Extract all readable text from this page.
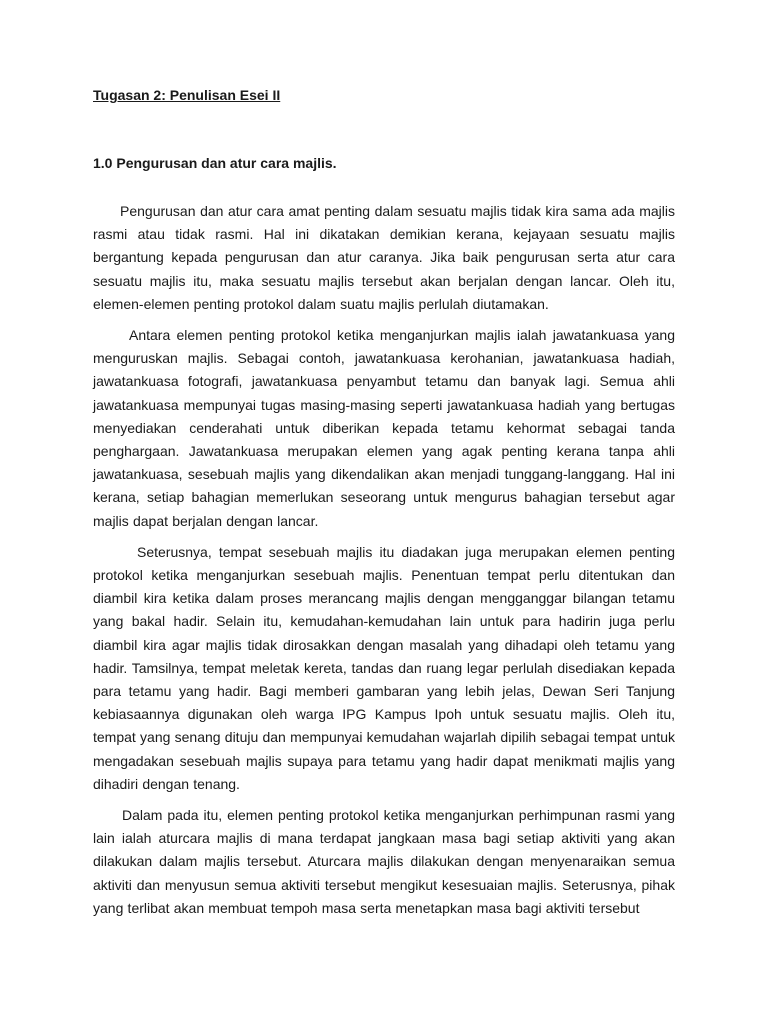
Tugasan 2: Penulisan Esei II

1.0 Pengurusan dan atur cara majlis.

Pengurusan dan atur cara amat penting dalam sesuatu majlis tidak kira sama ada majlis rasmi atau tidak rasmi. Hal ini dikatakan demikian kerana, kejayaan sesuatu majlis bergantung kepada pengurusan dan atur caranya. Jika baik pengurusan serta atur cara sesuatu majlis itu, maka sesuatu majlis tersebut akan berjalan dengan lancar. Oleh itu, elemen-elemen penting protokol dalam suatu majlis perlulah diutamakan.

Antara elemen penting protokol ketika menganjurkan majlis ialah jawatankuasa yang menguruskan majlis. Sebagai contoh, jawatankuasa kerohanian, jawatankuasa hadiah, jawatankuasa fotografi, jawatankuasa penyambut tetamu dan banyak lagi. Semua ahli jawatankuasa mempunyai tugas masing-masing seperti jawatankuasa hadiah yang bertugas menyediakan cenderahati untuk diberikan kepada tetamu kehormat sebagai tanda penghargaan. Jawatankuasa merupakan elemen yang agak penting kerana tanpa ahli jawatankuasa, sesebuah majlis yang dikendalikan akan menjadi tunggang-langgang. Hal ini kerana, setiap bahagian memerlukan seseorang untuk mengurus bahagian tersebut agar majlis dapat berjalan dengan lancar.

Seterusnya, tempat sesebuah majlis itu diadakan juga merupakan elemen penting protokol ketika menganjurkan sesebuah majlis. Penentuan tempat perlu ditentukan dan diambil kira ketika dalam proses merancang majlis dengan mengganggar bilangan tetamu yang bakal hadir. Selain itu, kemudahan-kemudahan lain untuk para hadirin juga perlu diambil kira agar majlis tidak dirosakkan dengan masalah yang dihadapi oleh tetamu yang hadir. Tamsilnya, tempat meletak kereta, tandas dan ruang legar perlulah disediakan kepada para tetamu yang hadir. Bagi memberi gambaran yang lebih jelas, Dewan Seri Tanjung kebiasaannya digunakan oleh warga IPG Kampus Ipoh untuk sesuatu majlis. Oleh itu, tempat yang senang dituju dan mempunyai kemudahan wajarlah dipilih sebagai tempat untuk mengadakan sesebuah majlis supaya para tetamu yang hadir dapat menikmati majlis yang dihadiri dengan tenang.

Dalam pada itu, elemen penting protokol ketika menganjurkan perhimpunan rasmi yang lain ialah aturcara majlis di mana terdapat jangkaan masa bagi setiap aktiviti yang akan dilakukan dalam majlis tersebut. Aturcara majlis dilakukan dengan menyenaraikan semua aktiviti dan menyusun semua aktiviti tersebut mengikut kesesuaian majlis. Seterusnya, pihak yang terlibat akan membuat tempoh masa serta menetapkan masa bagi aktiviti tersebut
